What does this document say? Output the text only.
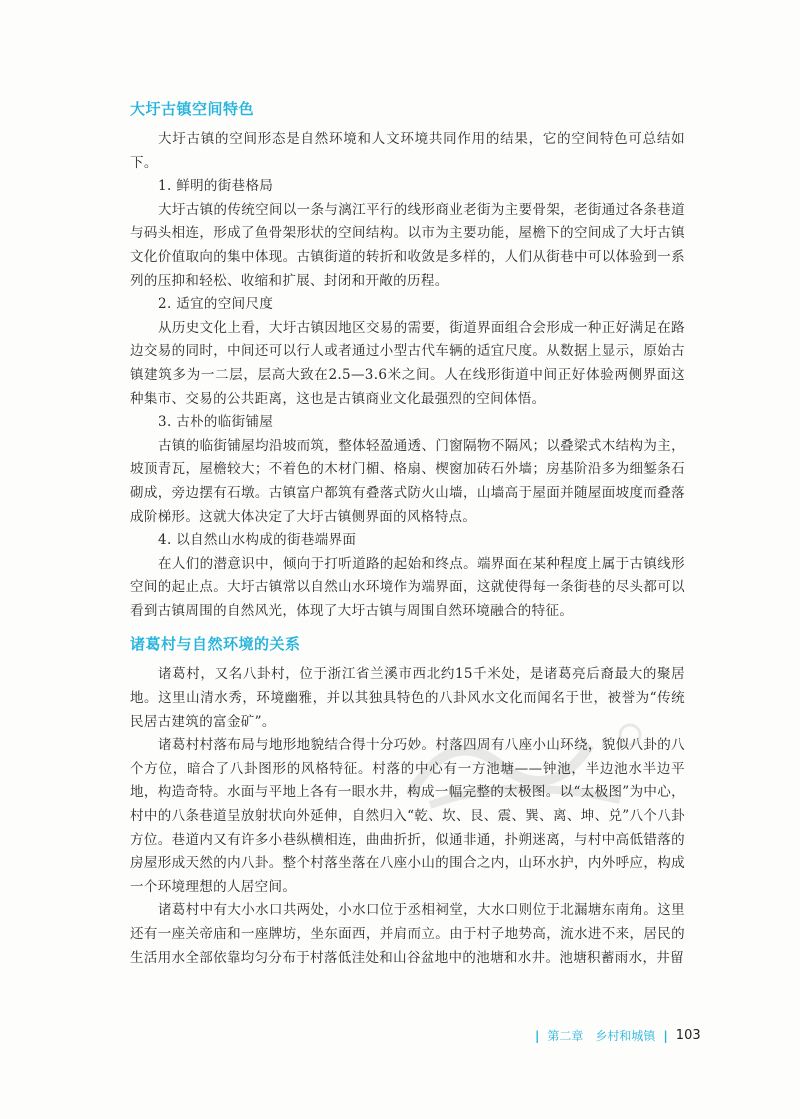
大圩古镇空间特色

大圩古镇的空间形态是自然环境和人文环境共同作用的结果，它的空间特色可总结如下。

1. 鲜明的街巷格局

大圩古镇的传统空间以一条与漓江平行的线形商业老街为主要骨架，老街通过各条巷道与码头相连，形成了鱼骨架形状的空间结构。以市为主要功能，屋檐下的空间成了大圩古镇文化价值取向的集中体现。古镇街道的转折和收敛是多样的，人们从街巷中可以体验到一系列的压抑和轻松、收缩和扩展、封闭和开敞的历程。

2. 适宜的空间尺度

从历史文化上看，大圩古镇因地区交易的需要，街道界面组合会形成一种正好满足在路边交易的同时，中间还可以行人或者通过小型古代车辆的适宜尺度。从数据上显示，原始古镇建筑多为一二层，层高大致在2.5—3.6米之间。人在线形街道中间正好体验两侧界面这种集市、交易的公共距离，这也是古镇商业文化最强烈的空间体悟。

3. 古朴的临街铺屋

古镇的临街铺屋均沿坡而筑，整体轻盈通透、门窗隔物不隔风；以叠梁式木结构为主，坡顶青瓦，屋檐较大；不着色的木材门楣、格扇、楔窗加砖石外墙；房基阶沿多为细錾条石砌成，旁边摆有石墩。古镇富户都筑有叠落式防火山墙，山墙高于屋面并随屋面坡度而叠落成阶梯形。这就大体决定了大圩古镇侧界面的风格特点。

4. 以自然山水构成的街巷端界面

在人们的潜意识中，倾向于打听道路的起始和终点。端界面在某种程度上属于古镇线形空间的起止点。大圩古镇常以自然山水环境作为端界面，这就使得每一条街巷的尽头都可以看到古镇周围的自然风光，体现了大圩古镇与周围自然环境融合的特征。

诸葛村与自然环境的关系

诸葛村，又名八卦村，位于浙江省兰溪市西北约15千米处，是诸葛亮后裔最大的聚居地。这里山清水秀，环境幽雅，并以其独具特色的八卦风水文化而闻名于世，被誉为“传统民居古建筑的富金矿”。

诸葛村村落布局与地形地貌结合得十分巧妙。村落四周有八座小山环绕，貌似八卦的八个方位，暗合了八卦图形的风格特征。村落的中心有一方池塘——钟池，半边池水半边平地，构造奇特。水面与平地上各有一眼水井，构成一幅完整的太极图。以“太极图”为中心，村中的八条巷道呈放射状向外延伸，自然归入“乾、坎、艮、震、巽、离、坤、兑”八个八卦方位。巷道内又有许多小巷纵横相连，曲曲折折，似通非通，扑朔迷离，与村中高低错落的房屋形成天然的内八卦。整个村落坐落在八座小山的围合之内，山环水护，内外呼应，构成一个环境理想的人居空间。

诸葛村中有大小水口共两处，小水口位于丞相祠堂，大水口则位于北漏塘东南角。这里还有一座关帝庙和一座牌坊，坐东面西，并肩而立。由于村子地势高，流水进不来，居民的生活用水全部依靠均匀分布于村落低洼处和山谷盆地中的池塘和水井。池塘积蓄雨水，井留

| 第二章　乡村和城镇 | 103
